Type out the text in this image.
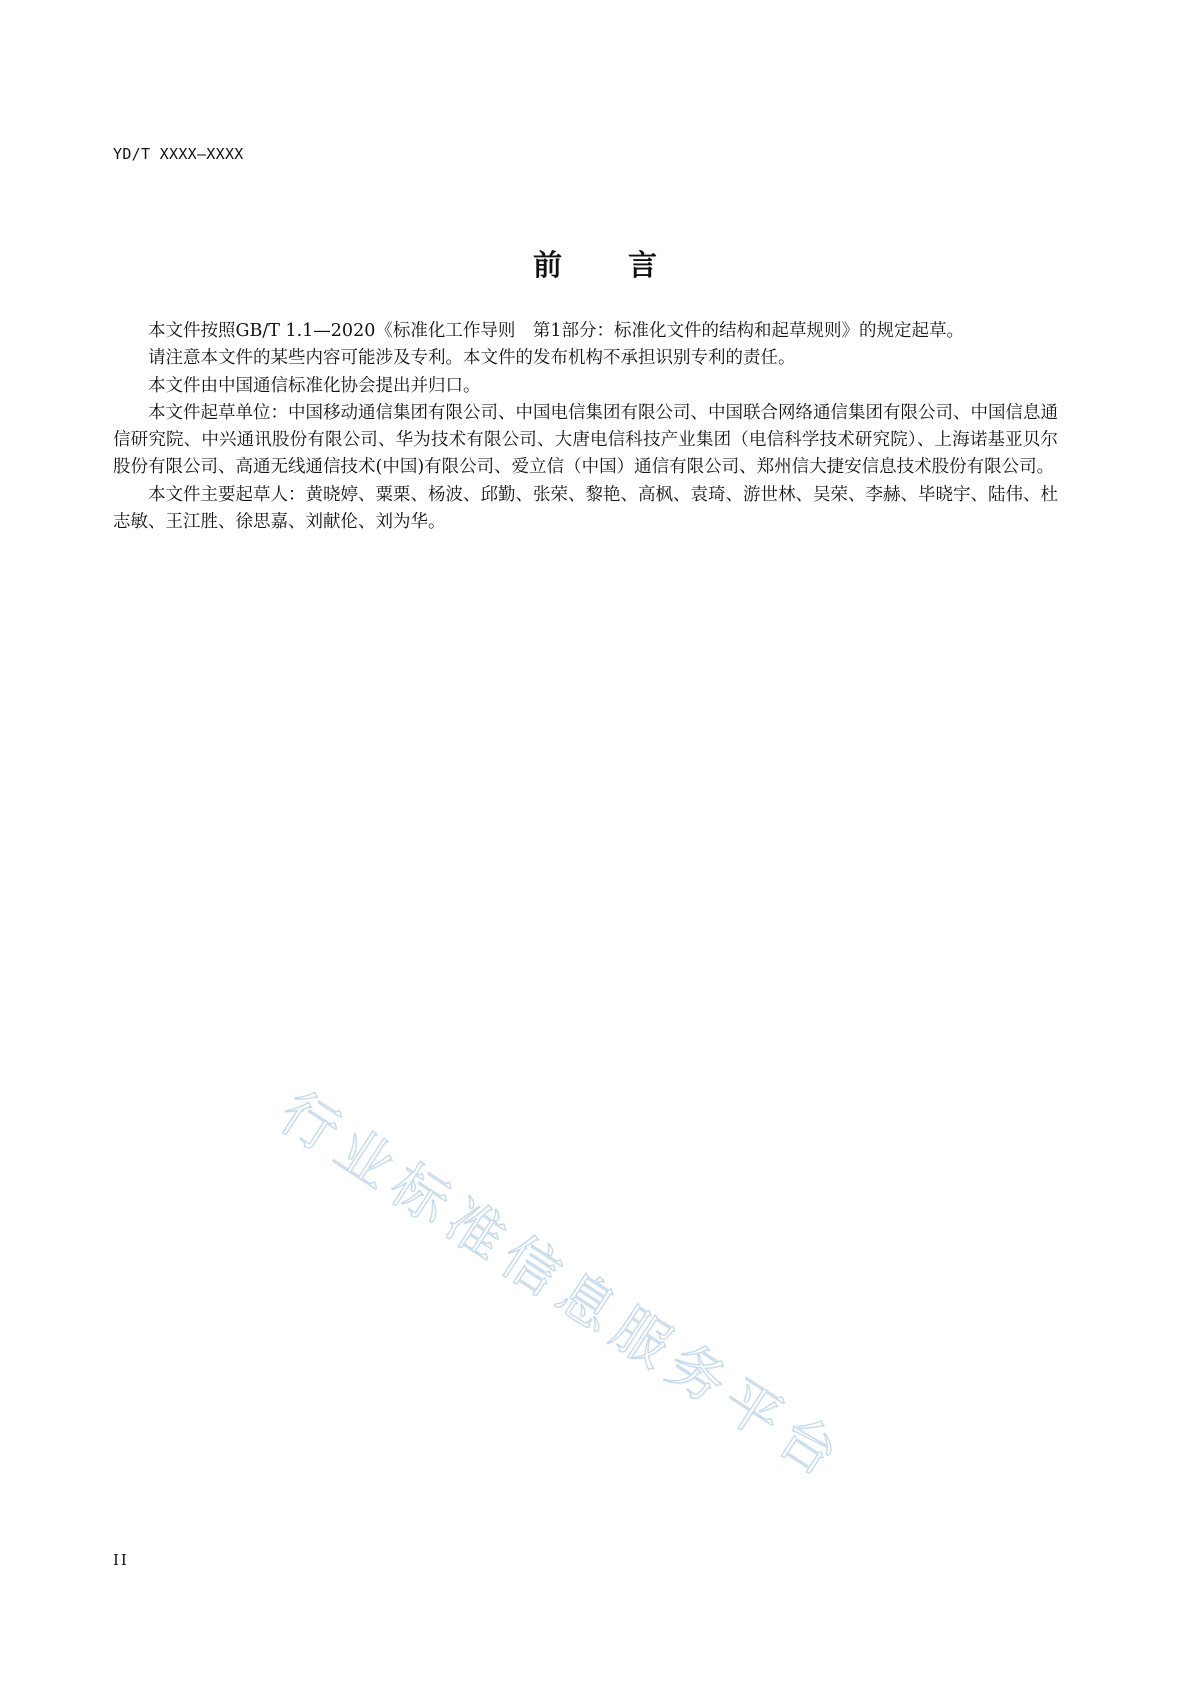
YD/T XXXX—XXXX
前 言

本文件按照GB/T 1.1—2020《标准化工作导则　第1部分：标准化文件的结构和起草规则》的规定起草。

请注意本文件的某些内容可能涉及专利。本文件的发布机构不承担识别专利的责任。

本文件由中国通信标准化协会提出并归口。

本文件起草单位：中国移动通信集团有限公司、中国电信集团有限公司、中国联合网络通信集团有限公司、中国信息通信研究院、中兴通讯股份有限公司、华为技术有限公司、大唐电信科技产业集团（电信科学技术研究院）、上海诺基亚贝尔股份有限公司、高通无线通信技术(中国)有限公司、爱立信（中国）通信有限公司、郑州信大捷安信息技术股份有限公司。

本文件主要起草人：黄晓婷、粟栗、杨波、邱勤、张荣、黎艳、高枫、袁琦、游世林、吴荣、李赫、毕晓宇、陆伟、杜志敏、王江胜、徐思嘉、刘献伦、刘为华。

行业标准信息服务平台
II
